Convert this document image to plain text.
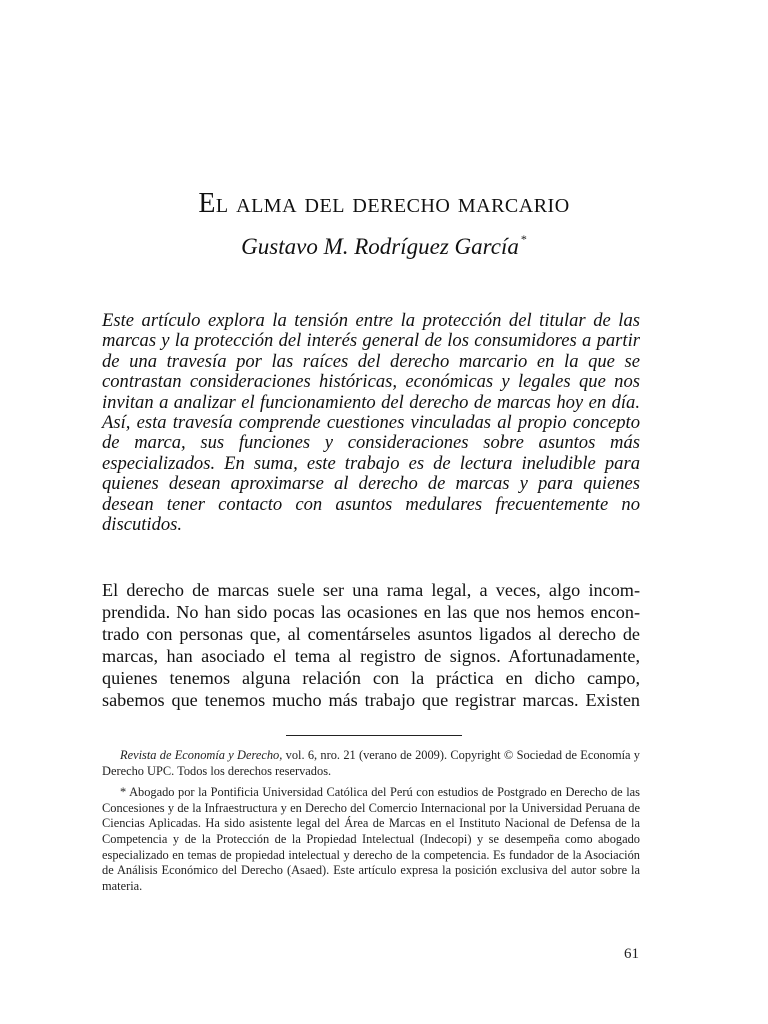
El alma del derecho marcario
Gustavo M. Rodríguez García *
Este artículo explora la tensión entre la protección del titular de las marcas y la protección del interés general de los consumidores a partir de una travesía por las raíces del derecho marcario en la que se contrastan consideraciones históricas, económicas y legales que nos invitan a analizar el funcionamiento del derecho de marcas hoy en día. Así, esta travesía comprende cuestiones vinculadas al propio concepto de marca, sus funciones y consideraciones sobre asuntos más especializados. En suma, este trabajo es de lectura ineludible para quienes desean aproximarse al derecho de marcas y para quienes desean tener contacto con asuntos medulares frecuentemente no discutidos.
El derecho de marcas suele ser una rama legal, a veces, algo incomprendida. No han sido pocas las ocasiones en las que nos hemos encontrado con personas que, al comentárseles asuntos ligados al derecho de marcas, han asociado el tema al registro de signos. Afortunadamente, quienes tenemos alguna relación con la práctica en dicho campo, sabemos que tenemos mucho más trabajo que registrar marcas. Existen

Revista de Economía y Derecho, vol. 6, nro. 21 (verano de 2009). Copyright © Sociedad de Economía y Derecho UPC. Todos los derechos reservados.

* Abogado por la Pontificia Universidad Católica del Perú con estudios de Postgrado en Derecho de las Concesiones y de la Infraestructura y en Derecho del Comercio Internacional por la Universidad Peruana de Ciencias Aplicadas. Ha sido asistente legal del Área de Marcas en el Instituto Nacional de Defensa de la Competencia y de la Protección de la Propiedad Intelectual (Indecopi) y se desempeña como abogado especializado en temas de propiedad intelectual y derecho de la competencia. Es fundador de la Asociación de Análisis Económico del Derecho (Asaed). Este artículo expresa la posición exclusiva del autor sobre la materia.

61
